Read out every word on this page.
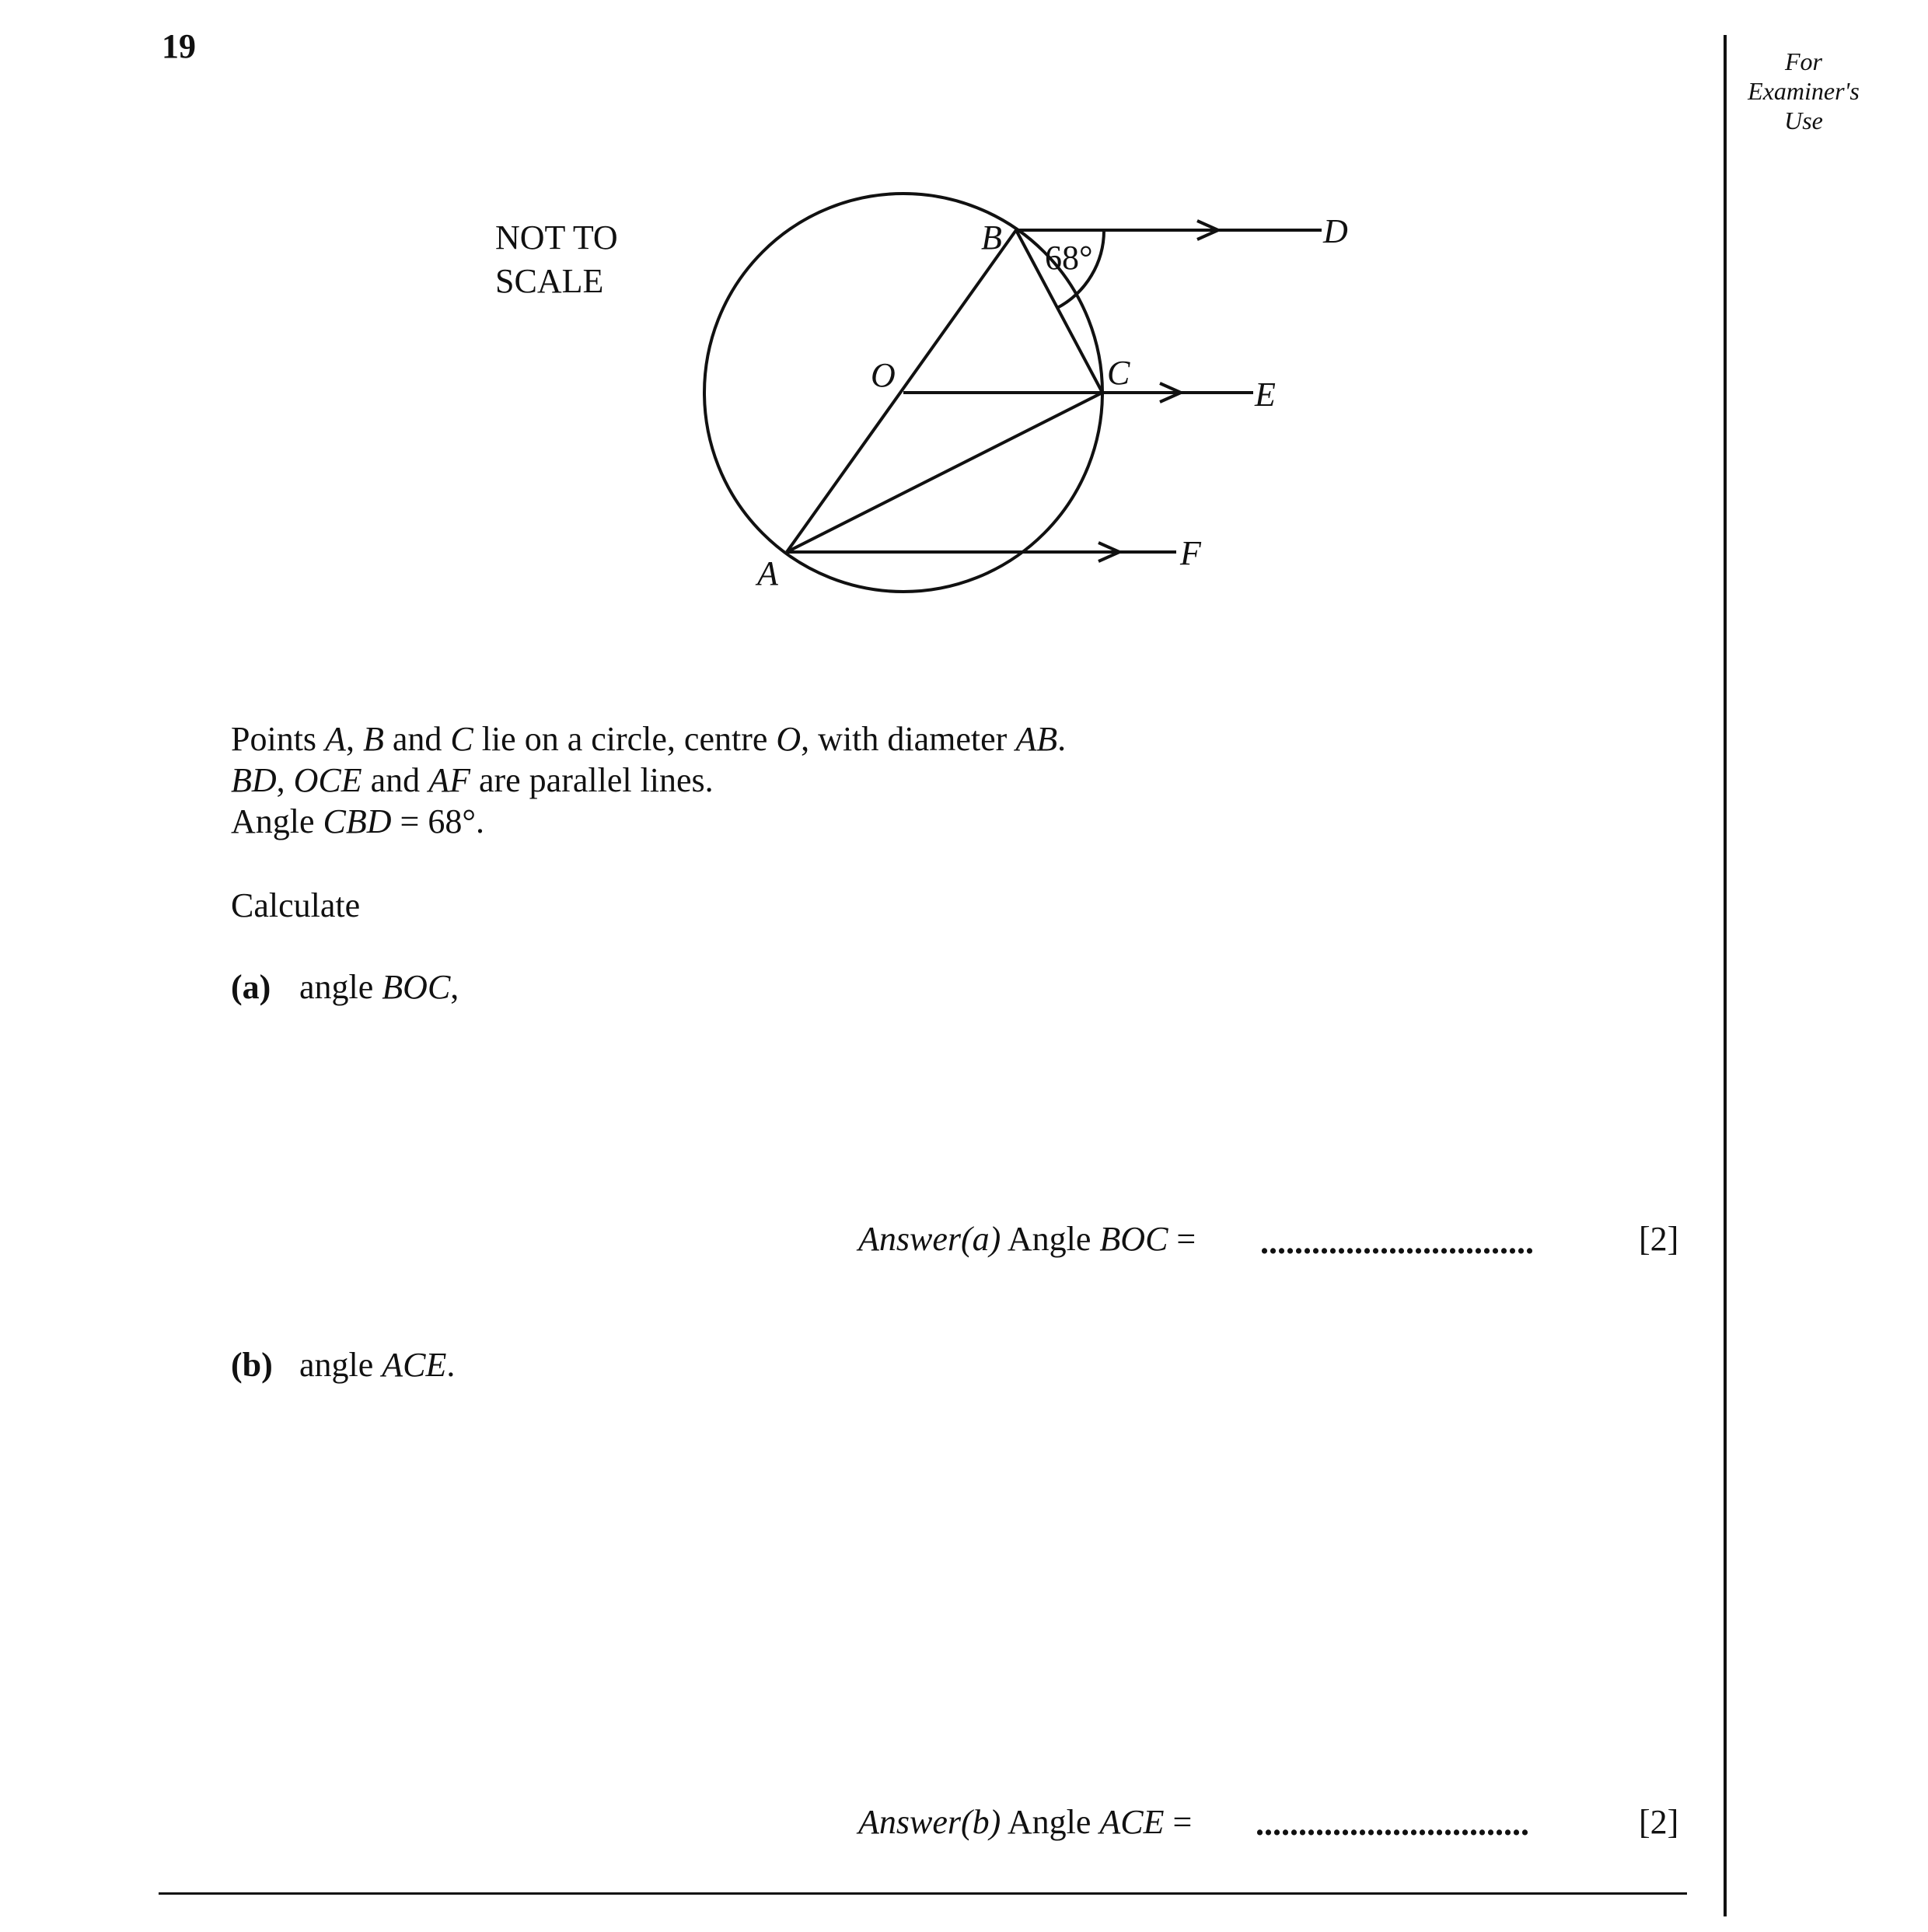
19	For
Examiner's
Use
NOT TO
SCALE
B	D
O	C
E
A
F
68°
Points A, B and C lie on a circle, centre O, with diameter AB.
BD, OCE and AF are parallel lines.
Angle CBD = 68°.
Calculate
(a) angle BOC,
Answer(a) Angle BOC = ................................	[2]
(b) angle ACE.
Answer(b) Angle ACE = ................................	[2]
